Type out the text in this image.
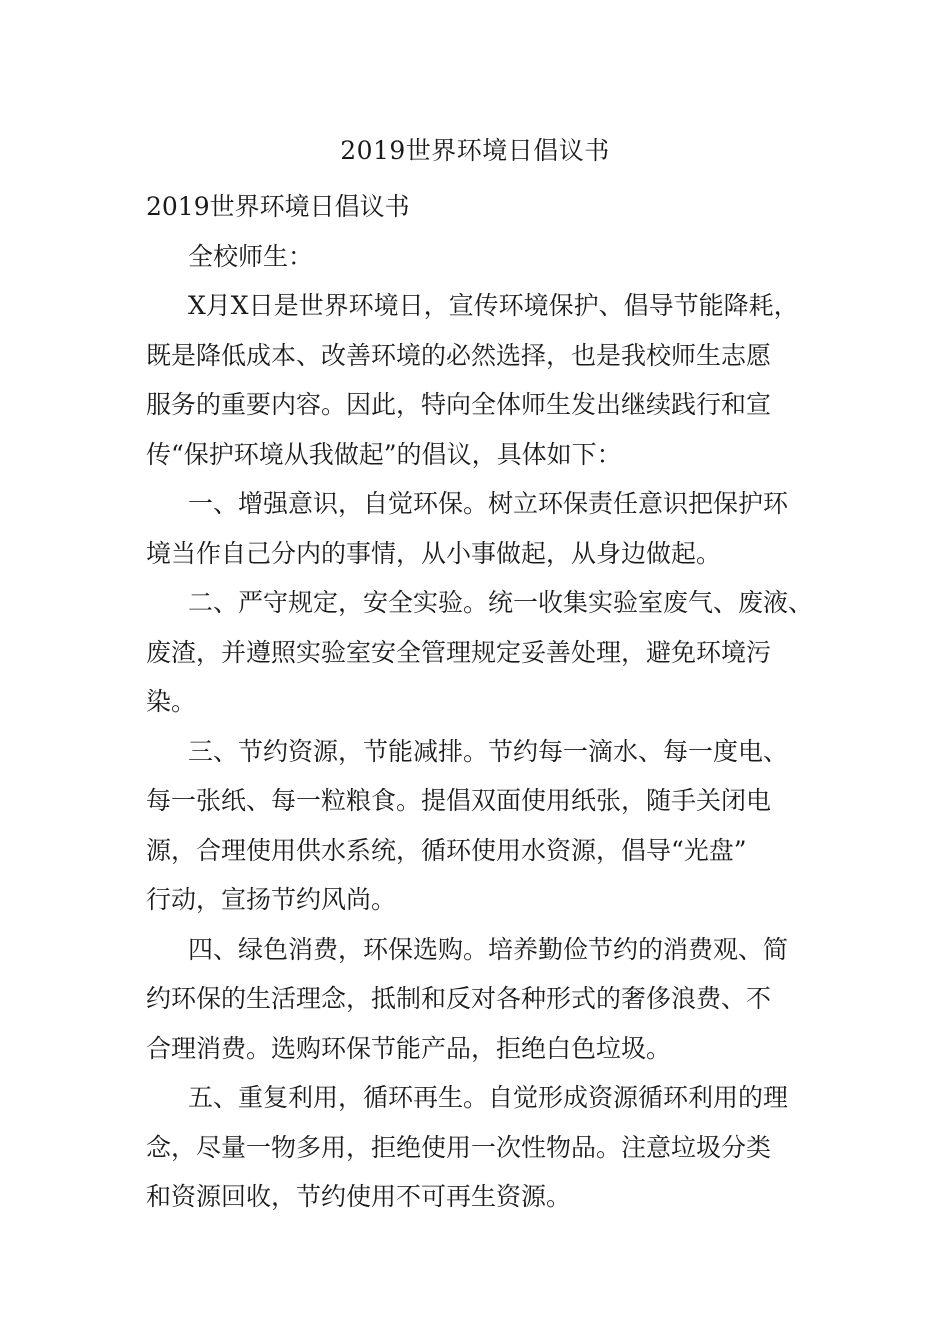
2019世界环境日倡议书

2019世界环境日倡议书

全校师生：

X月X日是世界环境日，宣传环境保护、倡导节能降耗，

既是降低成本、改善环境的必然选择，也是我校师生志愿

服务的重要内容。因此，特向全体师生发出继续践行和宣

传“保护环境从我做起”的倡议，具体如下：

一、增强意识，自觉环保。树立环保责任意识把保护环

境当作自己分内的事情，从小事做起，从身边做起。

二、严守规定，安全实验。统一收集实验室废气、废液、

废渣，并遵照实验室安全管理规定妥善处理，避免环境污

染。

三、节约资源，节能减排。节约每一滴水、每一度电、

每一张纸、每一粒粮食。提倡双面使用纸张，随手关闭电

源，合理使用供水系统，循环使用水资源，倡导“光盘”

行动，宣扬节约风尚。

四、绿色消费，环保选购。培养勤俭节约的消费观、简

约环保的生活理念，抵制和反对各种形式的奢侈浪费、不

合理消费。选购环保节能产品，拒绝白色垃圾。

五、重复利用，循环再生。自觉形成资源循环利用的理

念，尽量一物多用，拒绝使用一次性物品。注意垃圾分类

和资源回收，节约使用不可再生资源。
